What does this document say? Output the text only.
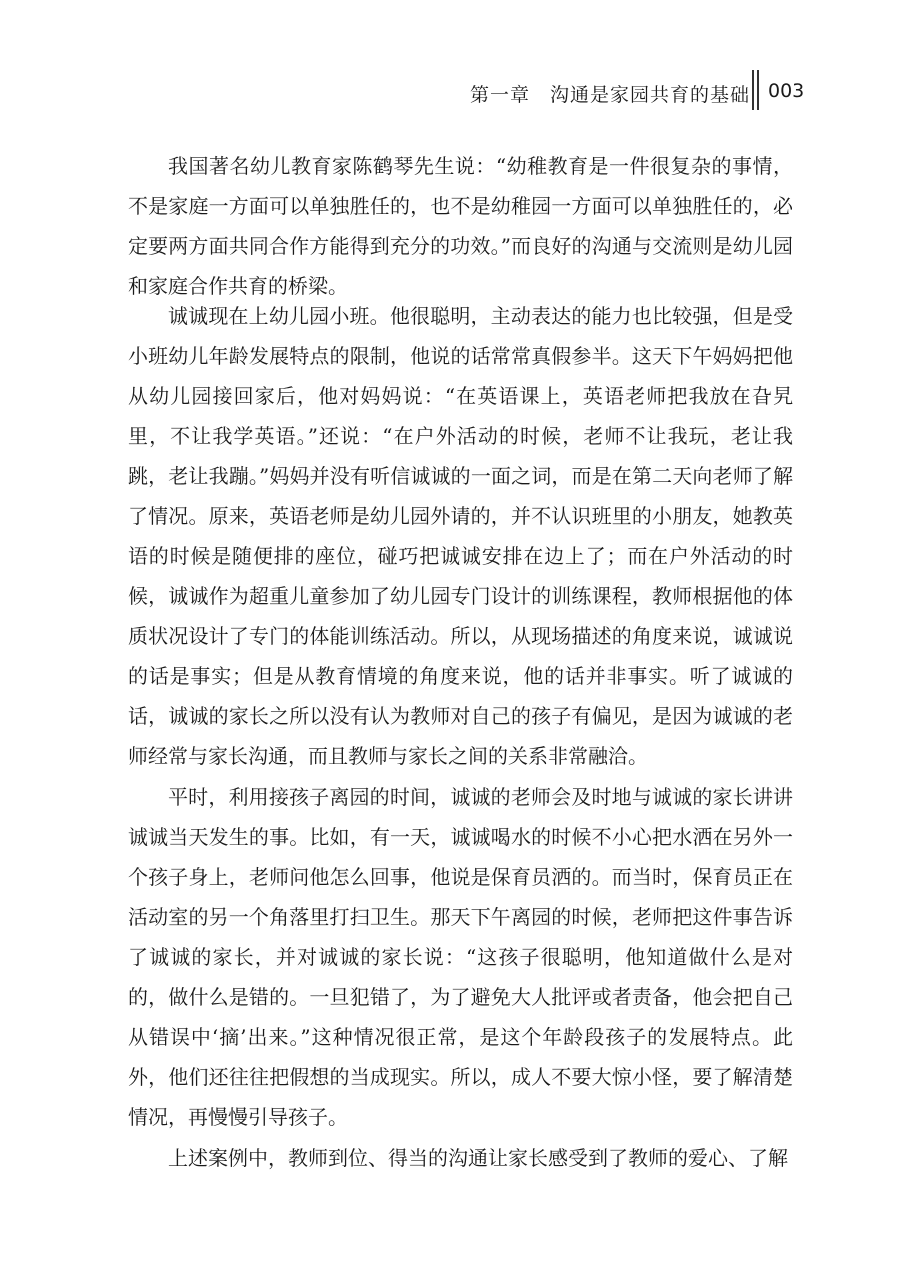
第一章　沟通是家园共育的基础 003

我国著名幼儿教育家陈鹤琴先生说：“幼稚教育是一件很复杂的事情，不是家庭一方面可以单独胜任的，也不是幼稚园一方面可以单独胜任的，必定要两方面共同合作方能得到充分的功效。”而良好的沟通与交流则是幼儿园和家庭合作共育的桥梁。

诚诚现在上幼儿园小班。他很聪明，主动表达的能力也比较强，但是受小班幼儿年龄发展特点的限制，他说的话常常真假参半。这天下午妈妈把他从幼儿园接回家后，他对妈妈说：“在英语课上，英语老师把我放在旮旯里，不让我学英语。”还说：“在户外活动的时候，老师不让我玩，老让我跳，老让我蹦。”妈妈并没有听信诚诚的一面之词，而是在第二天向老师了解了情况。原来，英语老师是幼儿园外请的，并不认识班里的小朋友，她教英语的时候是随便排的座位，碰巧把诚诚安排在边上了；而在户外活动的时候，诚诚作为超重儿童参加了幼儿园专门设计的训练课程，教师根据他的体质状况设计了专门的体能训练活动。所以，从现场描述的角度来说，诚诚说的话是事实；但是从教育情境的角度来说，他的话并非事实。听了诚诚的话，诚诚的家长之所以没有认为教师对自己的孩子有偏见，是因为诚诚的老师经常与家长沟通，而且教师与家长之间的关系非常融洽。

平时，利用接孩子离园的时间，诚诚的老师会及时地与诚诚的家长讲讲诚诚当天发生的事。比如，有一天，诚诚喝水的时候不小心把水洒在另外一个孩子身上，老师问他怎么回事，他说是保育员洒的。而当时，保育员正在活动室的另一个角落里打扫卫生。那天下午离园的时候，老师把这件事告诉了诚诚的家长，并对诚诚的家长说：“这孩子很聪明，他知道做什么是对的，做什么是错的。一旦犯错了，为了避免大人批评或者责备，他会把自己从错误中‘摘’出来。”这种情况很正常，是这个年龄段孩子的发展特点。此外，他们还往往把假想的当成现实。所以，成人不要大惊小怪，要了解清楚情况，再慢慢引导孩子。

上述案例中，教师到位、得当的沟通让家长感受到了教师的爱心、了解
